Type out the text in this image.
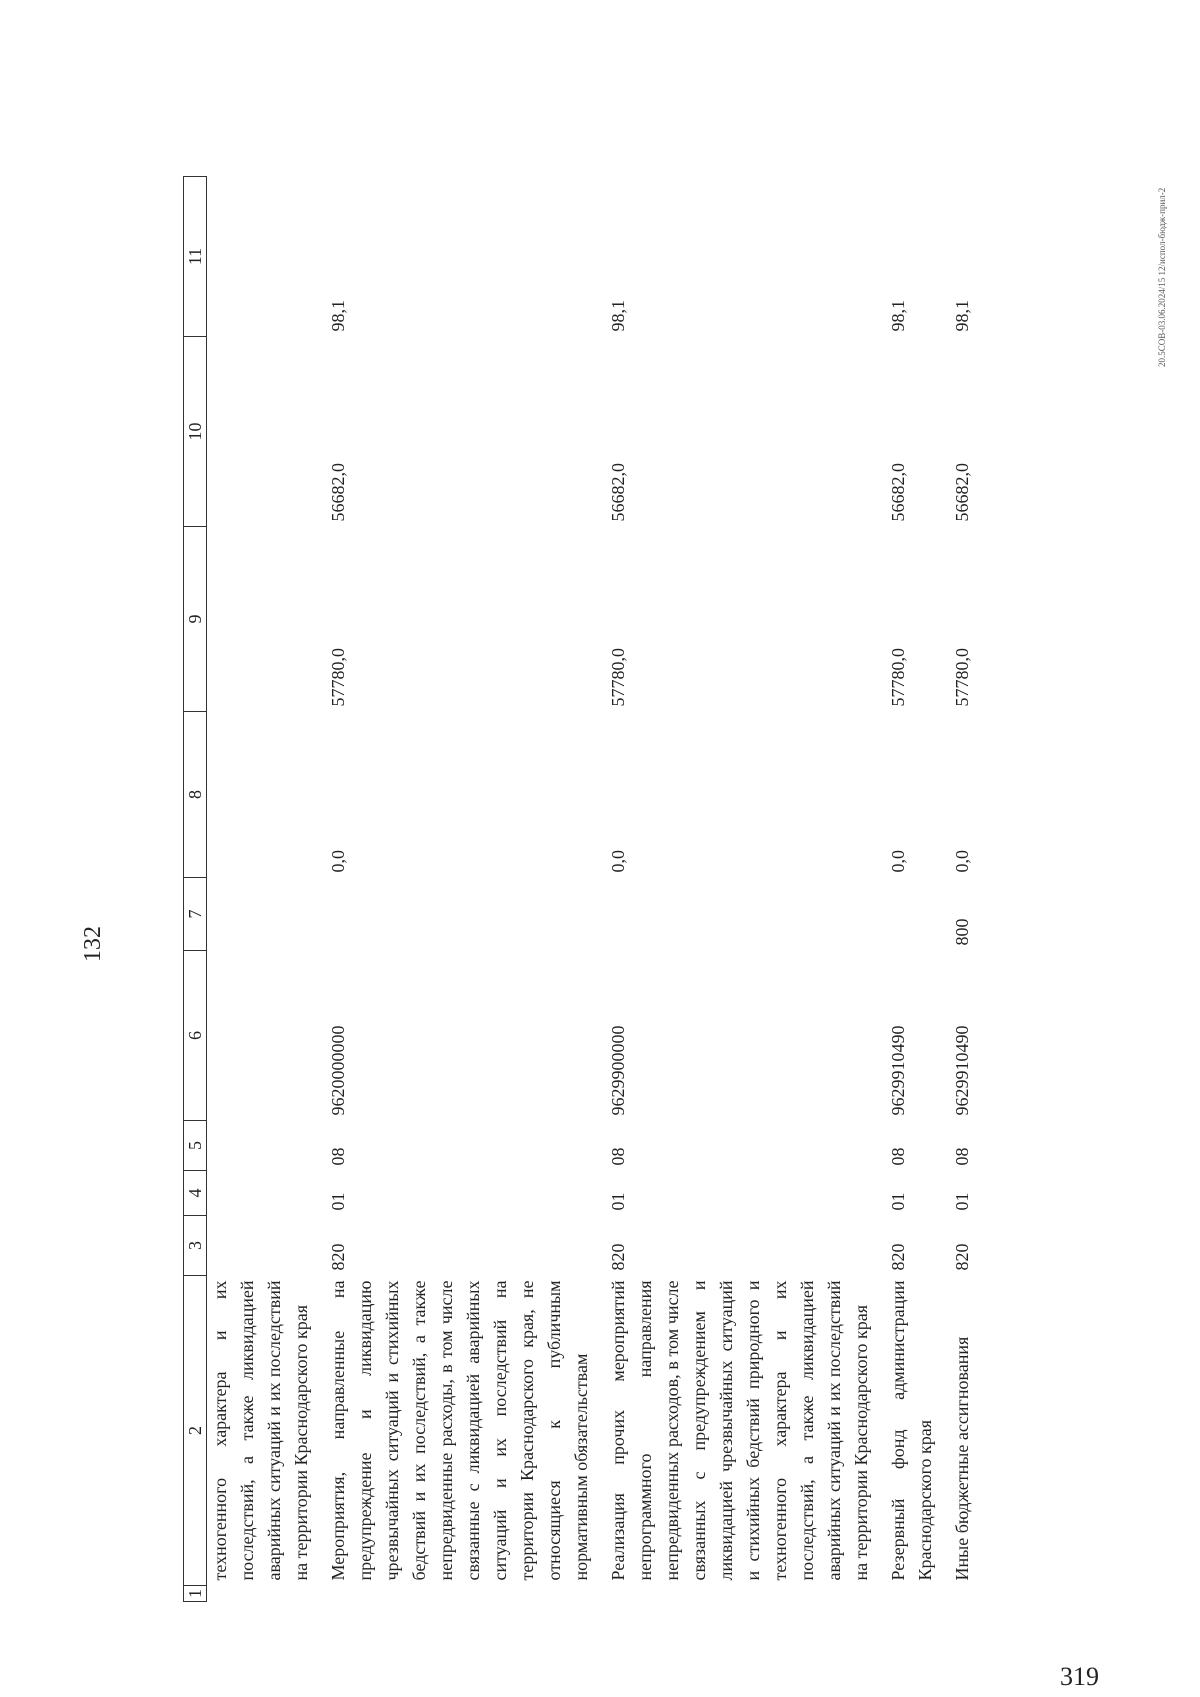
132
1	2	3	4	5	6	7	8	9	10	11
	техногенного характера и их последствий, а также ликвидацией аварийных ситуаций и их последствий на территории Краснодарского края									

	Мероприятия, направленные на предупреждение и ликвидацию чрезвычайных ситуаций и стихийных бедствий и их последствий, а также непредвиденные расходы, в том числе связанные с ликвидацией аварийных ситуаций и их последствий на территории Краснодарского края, не относящиеся к публичным нормативным обязательствам	820	01	08	9620000000		0,0	57780,0	56682,0	98,1

	Реализация прочих мероприятий непрограммного направления непредвиденных расходов, в том числе связанных с предупреждением и ликвидацией чрезвычайных ситуаций и стихийных бедствий природного и техногенного характера и их последствий, а также ликвидацией аварийных ситуаций и их последствий на территории Краснодарского края	820	01	08	9629900000		0,0	57780,0	56682,0	98,1

	Резервный фонд администрации Краснодарского края	820	01	08	9629910490		0,0	57780,0	56682,0	98,1

	Иные бюджетные ассигнования	820	01	08	9629910490	800	0,0	57780,0	56682,0	98,1	20.5СОВ-03.06.2024/15 12/испол-бюдж-прил-2
319
